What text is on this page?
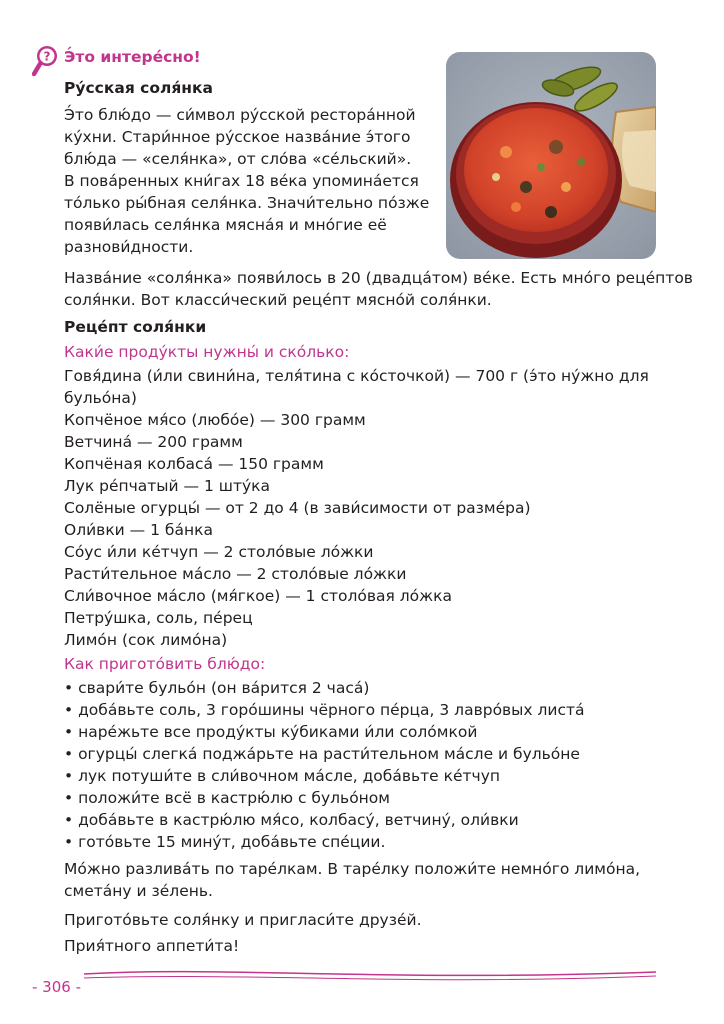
? Э́то интере́сно!
Ру́сская соля́нка
Э́то блю́до — си́мвол ру́сской рестора́нной
ку́хни. Стари́нное ру́сское назва́ние э́того
блю́да — «селя́нка», от сло́ва «се́льский».
В пова́ренных кни́гах 18 ве́ка упомина́ется
то́лько ры́бная селя́нка. Значи́тельно по́зже
появи́лась селя́нка мясна́я и мно́гие её
разнови́дности.
Назва́ние «соля́нка» появи́лось в 20 (двадца́том) ве́ке. Есть мно́го реце́птов
соля́нки. Вот класси́ческий реце́пт мясно́й соля́нки.
Реце́пт соля́нки
Каки́е проду́кты нужны́ и ско́лько:
Говя́дина (и́ли свини́на, теля́тина с ко́сточкой) — 700 г (э́то ну́жно для
бульо́на)
Копчёное мя́со (любо́е) — 300 грамм
Ветчина́ — 200 грамм
Копчёная колбаса́ — 150 грамм
Лук ре́пчатый — 1 шту́ка
Солёные огурцы́ — от 2 до 4 (в зави́симости от разме́ра)
Оли́вки — 1 ба́нка
Со́ус и́ли ке́тчуп — 2 столо́вые ло́жки
Расти́тельное ма́сло — 2 столо́вые ло́жки
Сли́вочное ма́сло (мя́гкое) — 1 столо́вая ло́жка
Петру́шка, соль, пе́рец
Лимо́н (сок лимо́на)
Как пригото́вить блю́до:
• свари́те бульо́н (он ва́рится 2 часа́)
• доба́вьте соль, 3 горо́шины чёрного пе́рца, 3 лавро́вых листа́
• наре́жьте все проду́кты ку́биками и́ли соло́мкой
• огурцы́ слегка́ поджа́рьте на расти́тельном ма́сле и бульо́не
• лук потуши́те в сли́вочном ма́сле, доба́вьте ке́тчуп
• положи́те всё в кастрю́лю с бульо́ном
• доба́вьте в кастрю́лю мя́со, колбасу́, ветчину́, оли́вки
• гото́вьте 15 мину́т, доба́вьте спе́ции.
Мо́жно разлива́ть по таре́лкам. В таре́лку положи́те немно́го лимо́на,
смета́ну и зе́лень.
Пригото́вьте соля́нку и пригласи́те друзе́й.
Прия́тного аппети́та!
- 306 -
